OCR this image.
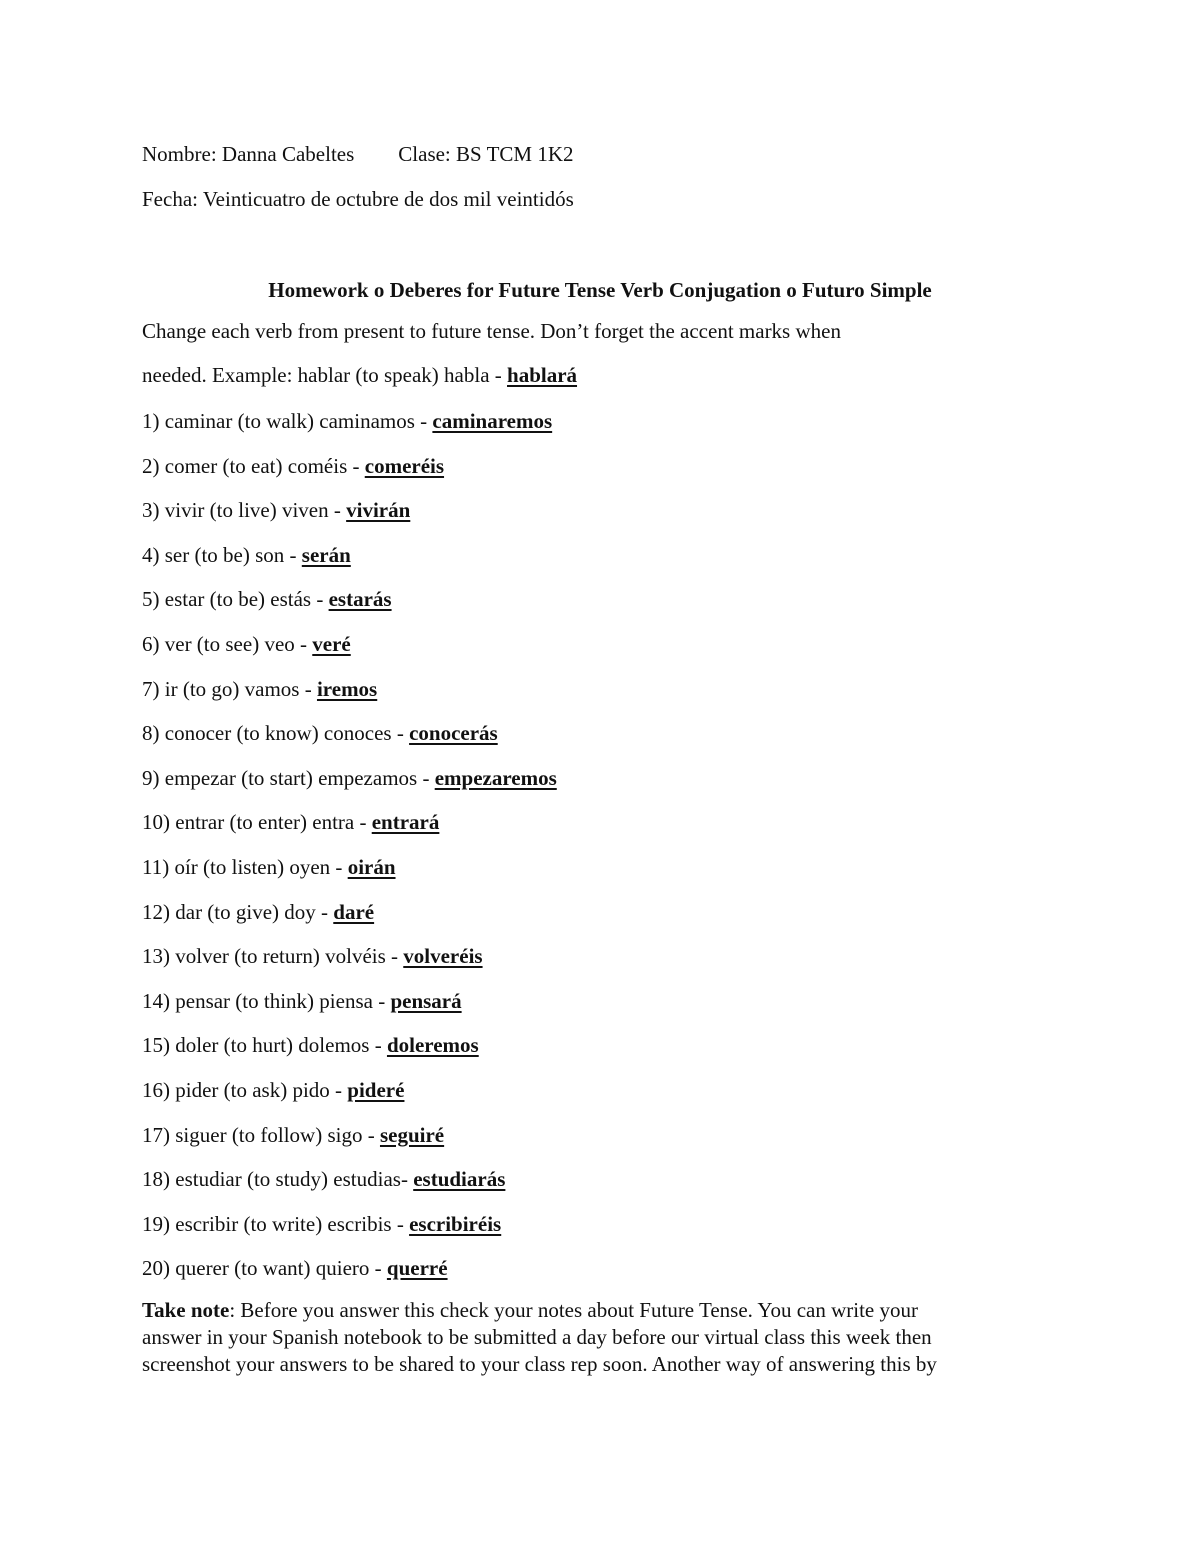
Nombre: Danna Cabeltes Clase: BS TCM 1K2
Fecha: Veinticuatro de octubre de dos mil veintidós
Homework o Deberes for Future Tense Verb Conjugation o Futuro Simple
Change each verb from present to future tense. Don’t forget the accent marks when
needed. Example: hablar (to speak) habla - hablará
1) caminar (to walk) caminamos - caminaremos
2) comer (to eat) coméis - comeréis
3) vivir (to live) viven - vivirán
4) ser (to be) son - serán
5) estar (to be) estás - estarás
6) ver (to see) veo - veré
7) ir (to go) vamos - iremos
8) conocer (to know) conoces - conocerás
9) empezar (to start) empezamos - empezaremos
10) entrar (to enter) entra - entrará
11) oír (to listen) oyen - oirán
12) dar (to give) doy - daré
13) volver (to return) volvéis - volveréis
14) pensar (to think) piensa - pensará
15) doler (to hurt) dolemos - doleremos
16) pider (to ask) pido - pideré
17) siguer (to follow) sigo - seguiré
18) estudiar (to study) estudias- estudiarás
19) escribir (to write) escribis - escribiréis
20) querer (to want) quiero - querré
Take note: Before you answer this check your notes about Future Tense. You can write your
answer in your Spanish notebook to be submitted a day before our virtual class this week then
screenshot your answers to be shared to your class rep soon. Another way of answering this by
